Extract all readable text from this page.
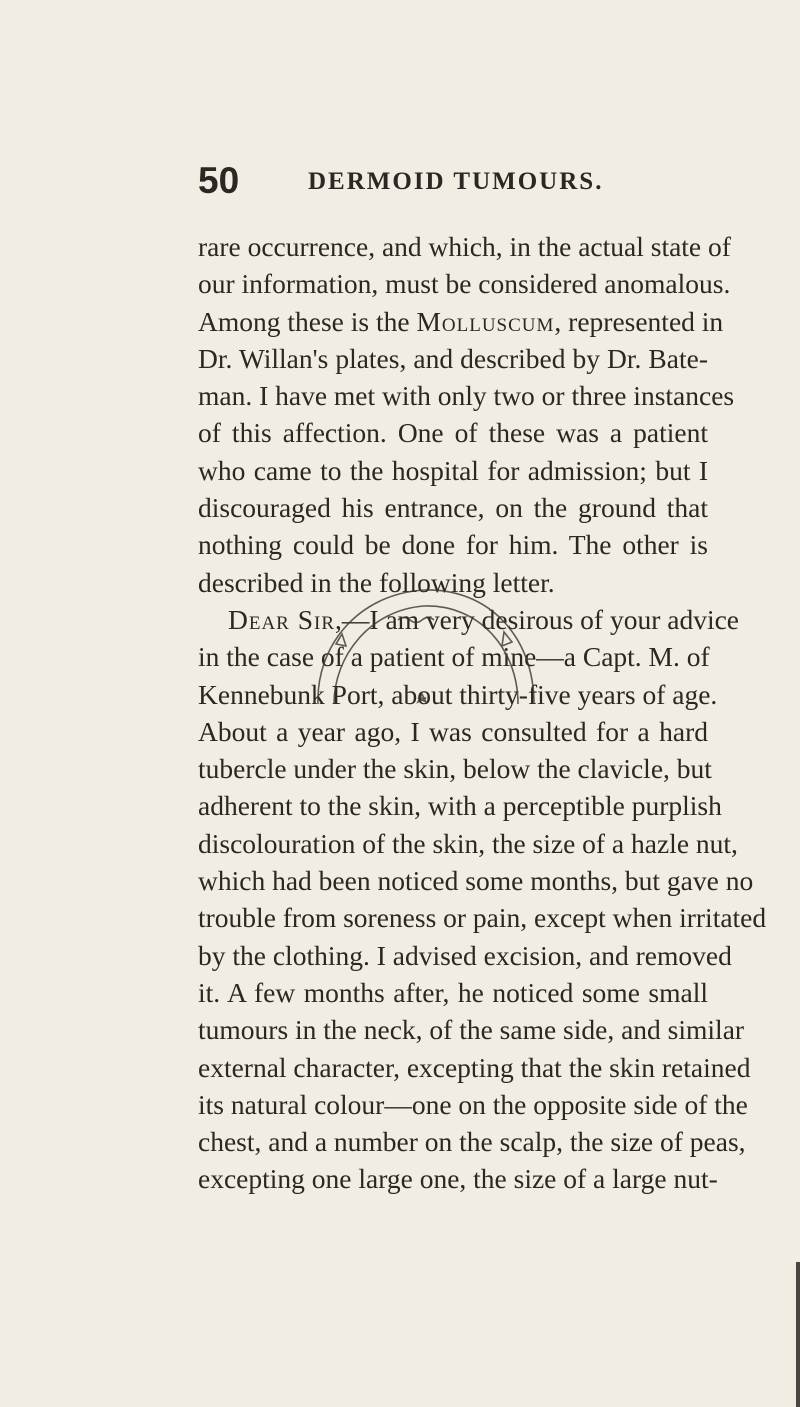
50	DERMOID TUMOURS.
rare occurrence, and which, in the actual state of
our information, must be considered anomalous.
Among these is the Molluscum, represented in
Dr. Willan's plates, and described by Dr. Bate-
man. I have met with only two or three instances
of this affection. One of these was a patient
who came to the hospital for admission; but I
discouraged his entrance, on the ground that
nothing could be done for him. The other is
described in the following letter.
Dear Sir,—I am very desirous of your advice
in the case of a patient of mine—a Capt. M. of
Kennebunk Port, about thirty-five years of age.
About a year ago, I was consulted for a hard
tubercle under the skin, below the clavicle, but
adherent to the skin, with a perceptible purplish
discolouration of the skin, the size of a hazle nut,
which had been noticed some months, but gave no
trouble from soreness or pain, except when irritated
by the clothing. I advised excision, and removed
it. A few months after, he noticed some small
tumours in the neck, of the same side, and similar
external character, excepting that the skin retained
its natural colour—one on the opposite side of the
chest, and a number on the scalp, the size of peas,
excepting one large one, the size of a large nut-
